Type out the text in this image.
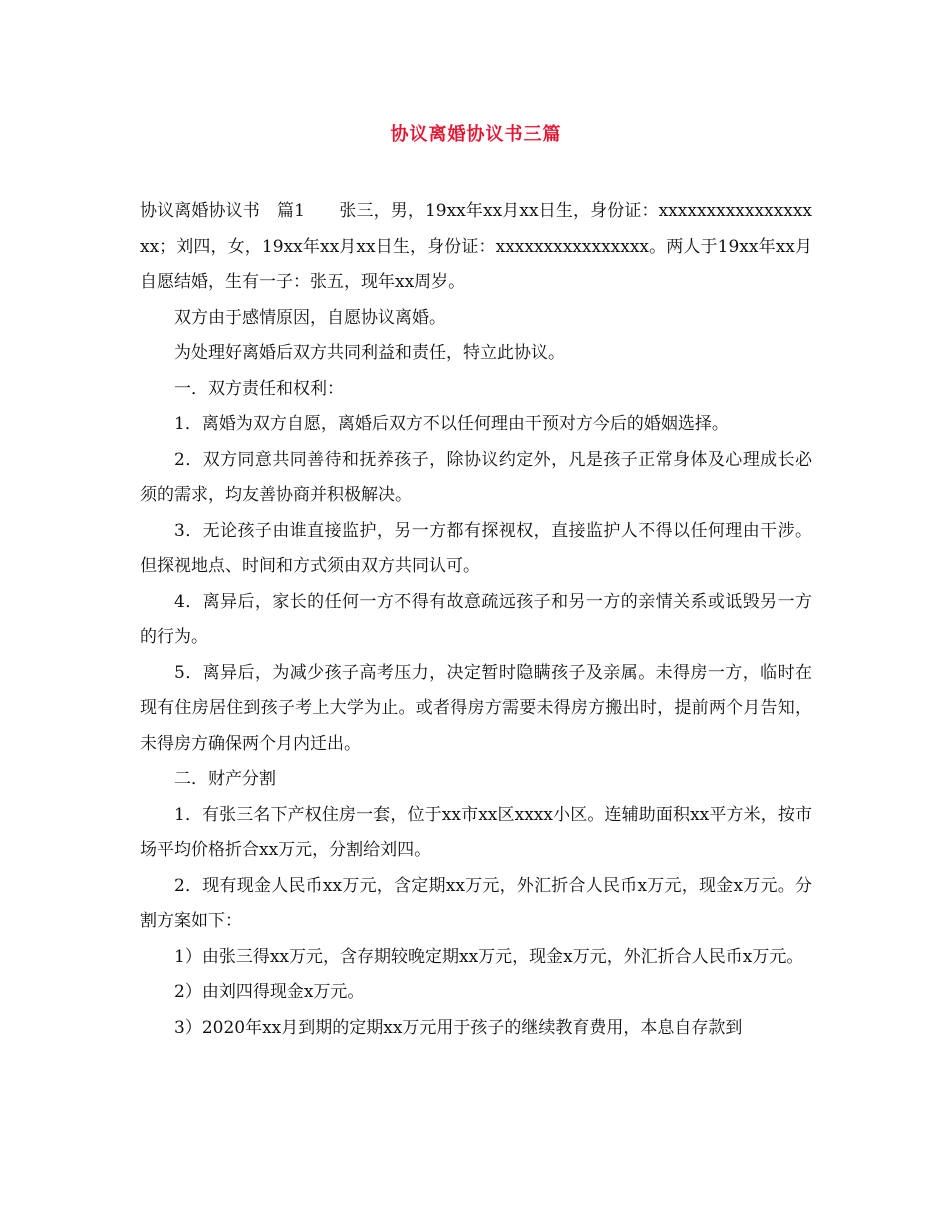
协议离婚协议书三篇

协议离婚协议书　篇1　　张三，男，19xx年xx月xx日生，身份证：xxxxxxxxxxxxxxxxxx；刘四，女，19xx年xx月xx日生，身份证：xxxxxxxxxxxxxxxx。两人于19xx年xx月自愿结婚，生有一子：张五，现年xx周岁。

双方由于感情原因，自愿协议离婚。

为处理好离婚后双方共同利益和责任，特立此协议。

一．双方责任和权利：

1．离婚为双方自愿，离婚后双方不以任何理由干预对方今后的婚姻选择。

2．双方同意共同善待和抚养孩子，除协议约定外，凡是孩子正常身体及心理成长必须的需求，均友善协商并积极解决。

3．无论孩子由谁直接监护，另一方都有探视权，直接监护人不得以任何理由干涉。但探视地点、时间和方式须由双方共同认可。

4．离异后，家长的任何一方不得有故意疏远孩子和另一方的亲情关系或诋毁另一方的行为。

5．离异后，为减少孩子高考压力，决定暂时隐瞒孩子及亲属。未得房一方，临时在现有住房居住到孩子考上大学为止。或者得房方需要未得房方搬出时，提前两个月告知，未得房方确保两个月内迁出。

二．财产分割

1．有张三名下产权住房一套，位于xx市xx区xxxx小区。连辅助面积xx平方米，按市场平均价格折合xx万元，分割给刘四。

2．现有现金人民币xx万元，含定期xx万元，外汇折合人民币x万元，现金x万元。分割方案如下：

1）由张三得xx万元，含存期较晚定期xx万元，现金x万元，外汇折合人民币x万元。

2）由刘四得现金x万元。

3）2020年xx月到期的定期xx万元用于孩子的继续教育费用，本息自存款到
